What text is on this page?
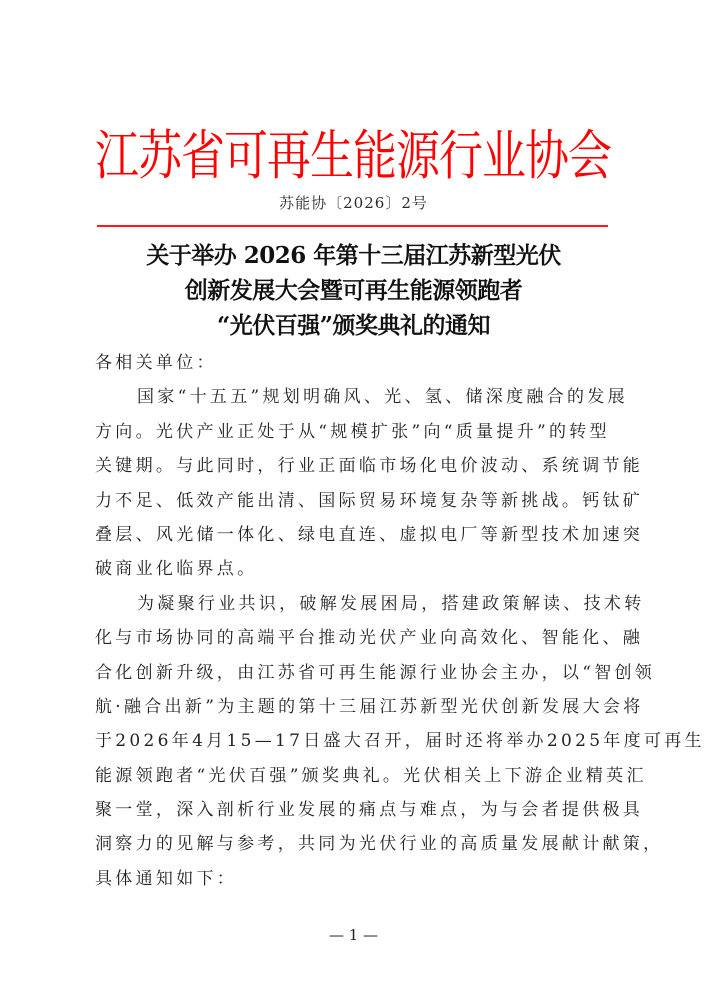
江苏省可再生能源行业协会
苏能协〔2026〕2号
关于举办 2026 年第十三届江苏新型光伏
创新发展大会暨可再生能源领跑者
“光伏百强”颁奖典礼的通知
各相关单位：
国家“十五五”规划明确风、光、氢、储深度融合的发展
方向。光伏产业正处于从“规模扩张”向“质量提升”的转型
关键期。与此同时，行业正面临市场化电价波动、系统调节能
力不足、低效产能出清、国际贸易环境复杂等新挑战。钙钛矿
叠层、风光储一体化、绿电直连、虚拟电厂等新型技术加速突
破商业化临界点。
为凝聚行业共识，破解发展困局，搭建政策解读、技术转
化与市场协同的高端平台推动光伏产业向高效化、智能化、融
合化创新升级，由江苏省可再生能源行业协会主办，以“智创领
航·融合出新”为主题的第十三届江苏新型光伏创新发展大会将
于2026年4月15—17日盛大召开，届时还将举办2025年度可再生
能源领跑者“光伏百强”颁奖典礼。光伏相关上下游企业精英汇
聚一堂，深入剖析行业发展的痛点与难点，为与会者提供极具
洞察力的见解与参考，共同为光伏行业的高质量发展献计献策，
具体通知如下：
— 1 —
